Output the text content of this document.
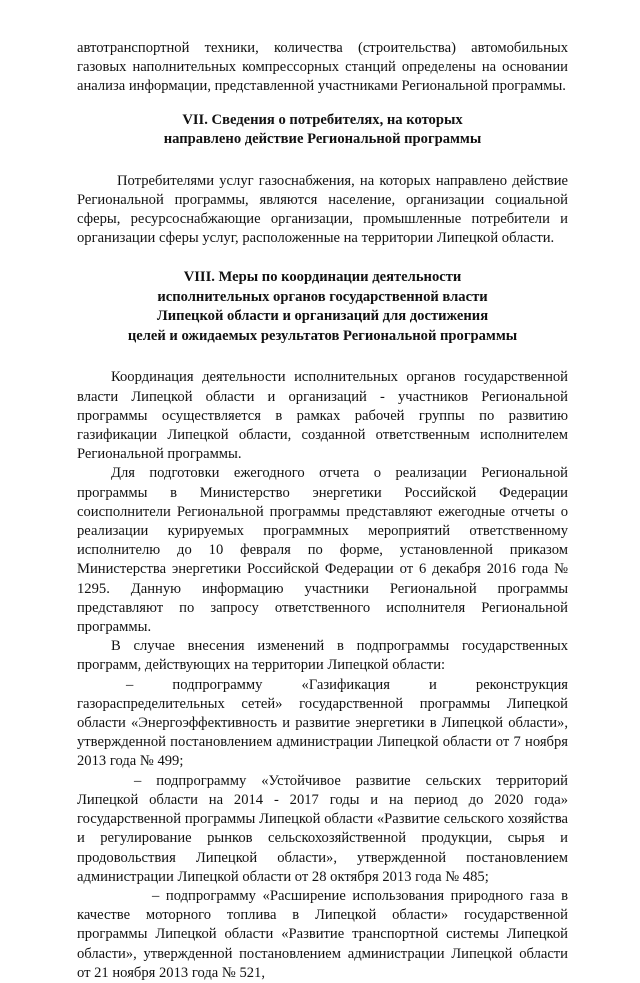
автотранспортной техники, количества (строительства) автомобильных газовых наполнительных компрессорных станций определены на основании анализа информации, представленной участниками Региональной программы.

VII. Сведения о потребителях, на которых
направлено действие Региональной программы

Потребителями услуг газоснабжения, на которых направлено действие Региональной программы, являются население, организации социальной сферы, ресурсоснабжающие организации, промышленные потребители и организации сферы услуг, расположенные на территории Липецкой области.

VIII. Меры по координации деятельности
исполнительных органов государственной власти
Липецкой области и организаций для достижения
целей и ожидаемых результатов Региональной программы

Координация деятельности исполнительных органов государственной власти Липецкой области и организаций - участников Региональной программы осуществляется в рамках рабочей группы по развитию газификации Липецкой области, созданной ответственным исполнителем Региональной программы.

Для подготовки ежегодного отчета о реализации Региональной программы в Министерство энергетики Российской Федерации соисполнители Региональной программы представляют ежегодные отчеты о реализации курируемых программных мероприятий ответственному исполнителю до 10 февраля по форме, установленной приказом Министерства энергетики Российской Федерации от 6 декабря 2016 года № 1295. Данную информацию участники Региональной программы представляют по запросу ответственного исполнителя Региональной программы.

В случае внесения изменений в подпрограммы государственных программ, действующих на территории Липецкой области:

– подпрограмму «Газификация и реконструкция газораспределительных сетей» государственной программы Липецкой области «Энергоэффективность и развитие энергетики в Липецкой области», утвержденной постановлением администрации Липецкой области от 7 ноября 2013 года № 499;

– подпрограмму «Устойчивое развитие сельских территорий Липецкой области на 2014 - 2017 годы и на период до 2020 года» государственной программы Липецкой области «Развитие сельского хозяйства и регулирование рынков сельскохозяйственной продукции, сырья и продовольствия Липецкой области», утвержденной постановлением администрации Липецкой области от 28 октября 2013 года № 485;

– подпрограмму «Расширение использования природного газа в качестве моторного топлива в Липецкой области» государственной программы Липецкой области «Развитие транспортной системы Липецкой области», утвержденной постановлением администрации Липецкой области от 21 ноября 2013 года № 521,
